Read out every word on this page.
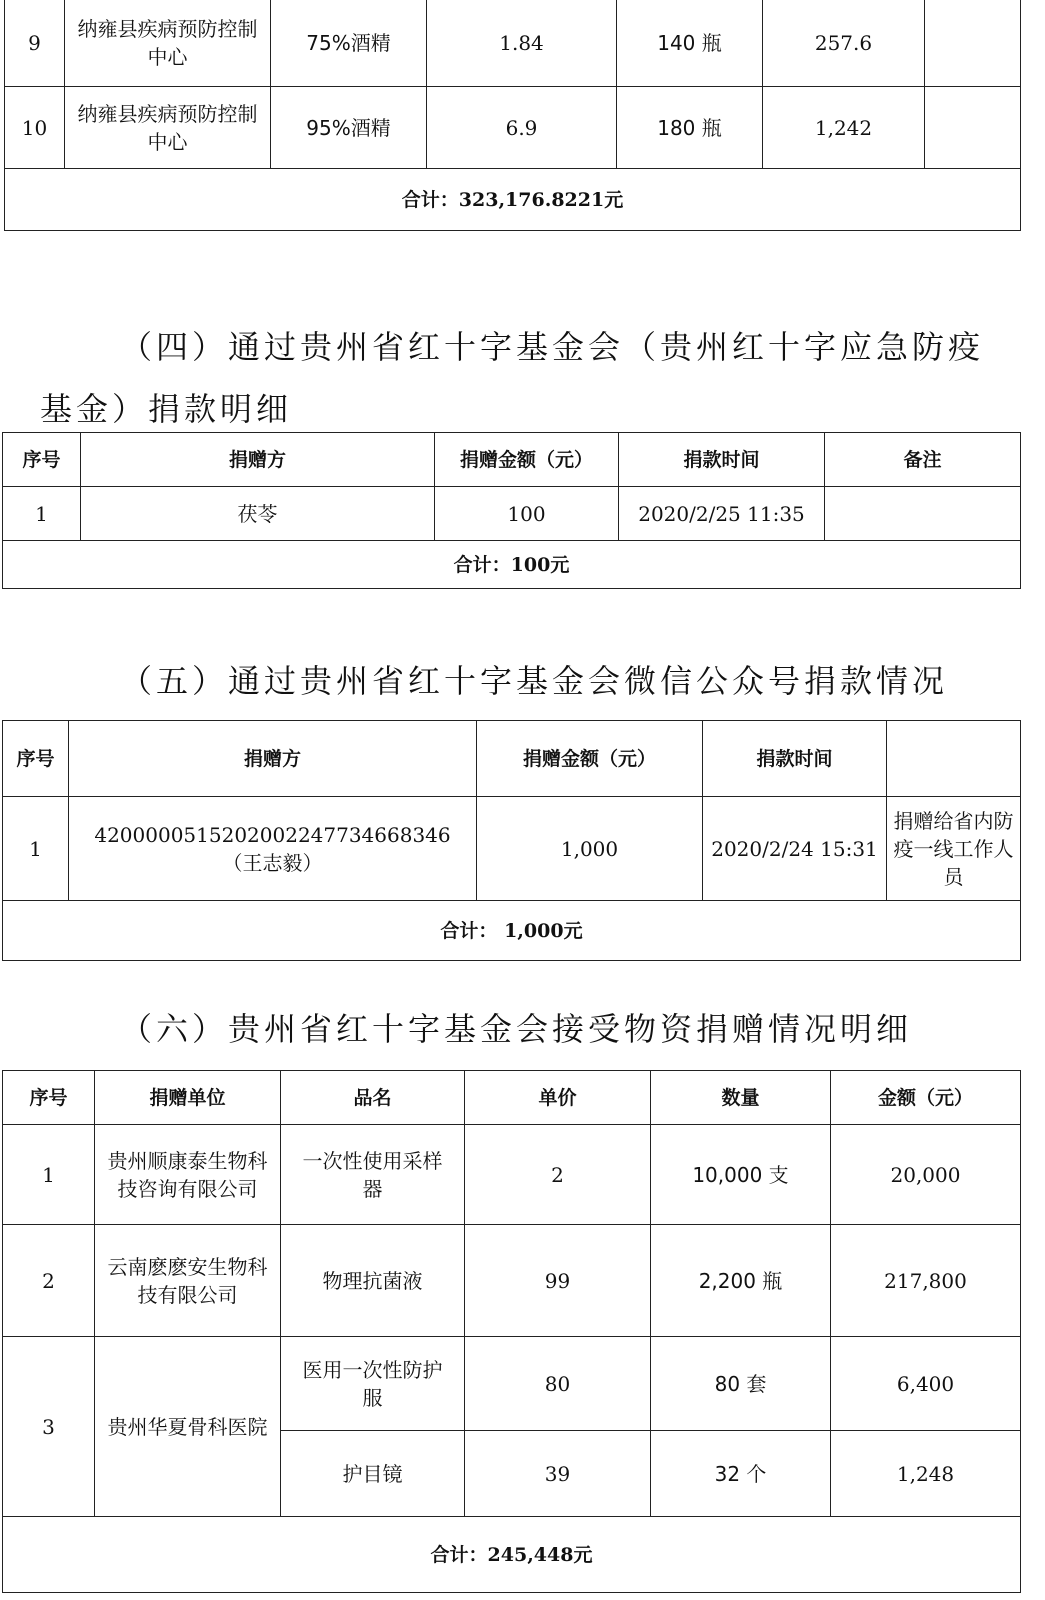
9	纳雍县疾病预防控制中心	75%酒精	1.84	140 瓶	257.6	
10	纳雍县疾病预防控制中心	95%酒精	6.9	180 瓶	1,242	
合计：323,176.8221元						
（四）通过贵州省红十字基金会（贵州红十字应急防疫
基金）捐款明细
序号	捐赠方	捐赠金额（元）	捐款时间	备注
1	茯苓	100	2020/2/25 11:35	
合计：100元				
（五）通过贵州省红十字基金会微信公众号捐款情况
序号	捐赠方	捐赠金额（元）	捐款时间	
1	4200000515202002247734668346
（王志毅）	1,000	2020/2/24 15:31	捐赠给省内防疫一线工作人员
合计： 1,000元				
（六）贵州省红十字基金会接受物资捐赠情况明细
序号	捐赠单位	品名	单价	数量	金额（元）
1	贵州顺康泰生物科技咨询有限公司	一次性使用采样器	2	10,000 支	20,000
2	云南麽麽安生物科技有限公司	物理抗菌液	99	2,200 瓶	217,800
3	贵州华夏骨科医院	医用一次性防护服	80	80 套	6,400
		护目镜	39	32 个	1,248
合计：245,448元					
